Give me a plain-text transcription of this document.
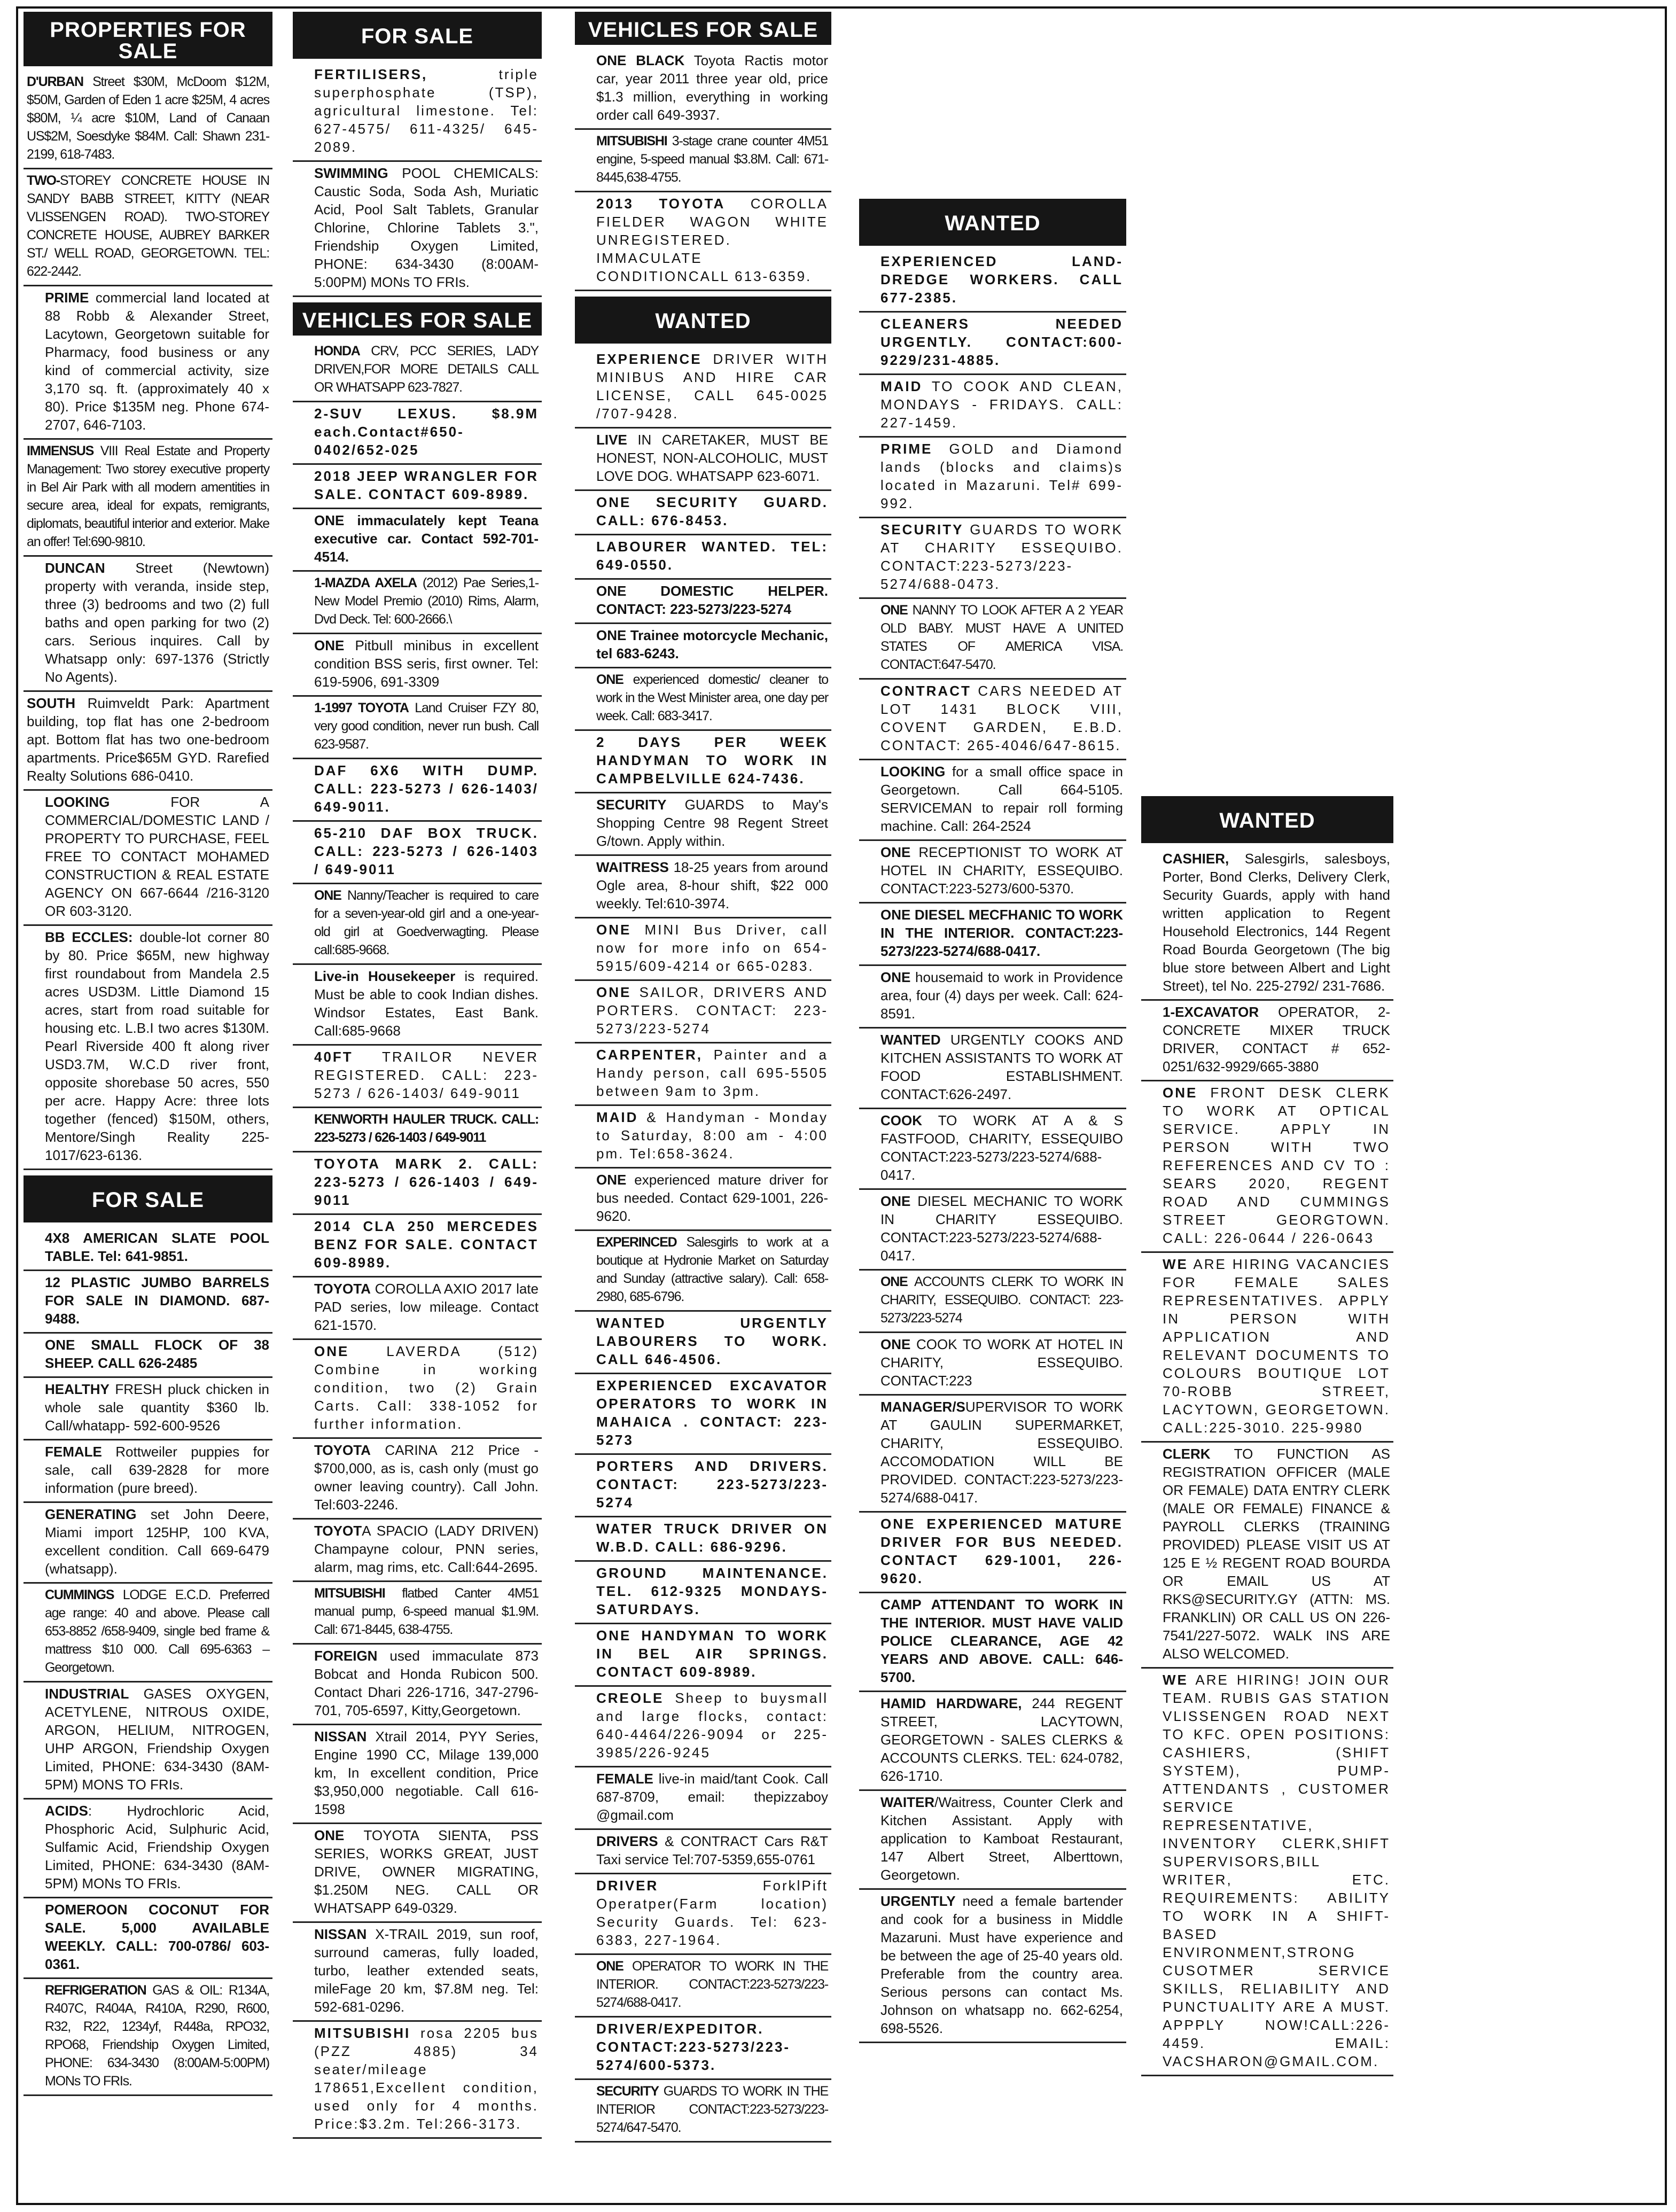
PROPERTIES FOR SALE
D'URBAN Street $30M, McDoom $12M, $50M, Garden of Eden 1 acre $25M, 4 acres $80M, ¼ acre $10M, Land of Canaan US$2M, Soesdyke $84M. Call: Shawn 231-2199, 618-7483.
TWO-STOREY CONCRETE HOUSE IN SANDY BABB STREET, KITTY (NEAR VLISSENGEN ROAD). TWO-STOREY CONCRETE HOUSE, AUBREY BARKER ST./ WELL ROAD, GEORGETOWN. TEL: 622-2442.
PRIME commercial land located at 88 Robb & Alexander Street, Lacytown, Georgetown suitable for Pharmacy, food business or any kind of commercial activity, size 3,170 sq. ft. (approximately 40 x 80). Price $135M neg. Phone 674-2707, 646-7103.
IMMENSUS VIII Real Estate and Property Management: Two storey executive property in Bel Air Park with all modern amentities in secure area, ideal for expats, remigrants, diplomats, beautiful interior and exterior. Make an offer! Tel:690-9810.
DUNCAN Street (Newtown) property with veranda, inside step, three (3) bedrooms and two (2) full baths and open parking for two (2) cars. Serious inquires. Call by Whatsapp only: 697-1376 (Strictly No Agents).
SOUTH Ruimveldt Park: Apartment building, top flat has one 2-bedroom apt. Bottom flat has two one-bedroom apartments. Price$65M GYD. Rarefied Realty Solutions 686-0410.
LOOKING FOR A COMMERCIAL/DOMESTIC LAND / PROPERTY TO PURCHASE, FEEL FREE TO CONTACT MOHAMED CONSTRUCTION & REAL ESTATE AGENCY ON 667-6644 /216-3120 OR 603-3120.
BB ECCLES: double-lot corner 80 by 80. Price $65M, new highway first roundabout from Mandela 2.5 acres USD3M. Little Diamond 15 acres, start from road suitable for housing etc. L.B.I two acres $130M. Pearl Riverside 400 ft along river USD3.7M, W.C.D river front, opposite shorebase 50 acres, 550 per acre. Happy Acre: three lots together (fenced) $150M, others, Mentore/Singh Reality 225-1017/623-6136.
FOR SALE
4X8 AMERICAN SLATE POOL TABLE. Tel: 641-9851.
12 PLASTIC JUMBO BARRELS FOR SALE IN DIAMOND. 687-9488.
ONE SMALL FLOCK OF 38 SHEEP. CALL 626-2485
HEALTHY FRESH pluck chicken in whole sale quantity $360 lb. Call/whatapp- 592-600-9526
FEMALE Rottweiler puppies for sale, call 639-2828 for more information (pure breed).
GENERATING set John Deere, Miami import 125HP, 100 KVA, excellent condition. Call 669-6479 (whatsapp).
CUMMINGS LODGE E.C.D. Preferred age range: 40 and above. Please call 653-8852 /658-9409, single bed frame & mattress $10 000. Call 695-6363 – Georgetown.
INDUSTRIAL GASES OXYGEN, ACETYLENE, NITROUS OXIDE, ARGON, HELIUM, NITROGEN, UHP ARGON, Friendship Oxygen Limited, PHONE: 634-3430 (8AM-5PM) MONS TO FRIs.
ACIDS: Hydrochloric Acid, Phosphoric Acid, Sulphuric Acid, Sulfamic Acid, Friendship Oxygen Limited, PHONE: 634-3430 (8AM-5PM) MONs TO FRIs.
POMEROON COCONUT FOR SALE. 5,000 AVAILABLE WEEKLY. CALL: 700-0786/ 603-0361.
REFRIGERATION GAS & OIL: R134A, R407C, R404A, R410A, R290, R600, R32, R22, 1234yf, R448a, RPO32, RPO68, Friendship Oxygen Limited, PHONE: 634-3430 (8:00AM-5:00PM) MONs TO FRIs.
FOR SALE
FERTILISERS, triple superphosphate (TSP), agricultural limestone. Tel: 627-4575/ 611-4325/ 645-2089.
SWIMMING POOL CHEMICALS: Caustic Soda, Soda Ash, Muriatic Acid, Pool Salt Tablets, Granular Chlorine, Chlorine Tablets 3.", Friendship Oxygen Limited, PHONE: 634-3430 (8:00AM-5:00PM) MONs TO FRIs.
VEHICLES FOR SALE
HONDA CRV, PCC SERIES, LADY DRIVEN,FOR MORE DETAILS CALL OR WHATSAPP 623-7827.
2-SUV LEXUS. $8.9M each.Contact#650-0402/652-025
2018 JEEP WRANGLER FOR SALE. CONTACT 609-8989.
ONE immaculately kept Teana executive car. Contact 592-701-4514.
1-MAZDA AXELA (2012) Pae Series,1- New Model Premio (2010) Rims, Alarm, Dvd Deck. Tel: 600-2666.\
ONE Pitbull minibus in excellent condition BSS seris, first owner. Tel: 619-5906, 691-3309
1-1997 TOYOTA Land Cruiser FZY 80, very good condition, never run bush. Call 623-9587.
DAF 6X6 WITH DUMP. CALL: 223-5273 / 626-1403/ 649-9011.
65-210 DAF BOX TRUCK. CALL: 223-5273 / 626-1403 / 649-9011
ONE Nanny/Teacher is required to care for a seven-year-old girl and a one-year-old girl at Goedverwagting. Please call:685-9668.
Live-in Housekeeper is required. Must be able to cook Indian dishes. Windsor Estates, East Bank. Call:685-9668
40FT TRAILOR NEVER REGISTERED. CALL: 223-5273 / 626-1403/ 649-9011
KENWORTH HAULER TRUCK. CALL: 223-5273 / 626-1403 / 649-9011
TOYOTA MARK 2. CALL: 223-5273 / 626-1403 / 649-9011
2014 CLA 250 MERCEDES BENZ FOR SALE. CONTACT 609-8989.
TOYOTA COROLLA AXIO 2017 late PAD series, low mileage. Contact 621-1570.
ONE LAVERDA (512) Combine in working condition, two (2) Grain Carts. Call: 338-1052 for further information.
TOYOTA CARINA 212 Price - $700,000, as is, cash only (must go owner leaving country). Call John. Tel:603-2246.
TOYOTA SPACIO (LADY DRIVEN) Champayne colour, PNN series, alarm, mag rims, etc. Call:644-2695.
MITSUBISHI flatbed Canter 4M51 manual pump, 6-speed manual $1.9M. Call: 671-8445, 638-4755.
FOREIGN used immaculate 873 Bobcat and Honda Rubicon 500. Contact Dhari 226-1716, 347-2796-701, 705-6597, Kitty,Georgetown.
NISSAN Xtrail 2014, PYY Series, Engine 1990 CC, Milage 139,000 km, In excellent condition, Price $3,950,000 negotiable. Call 616-1598
ONE TOYOTA SIENTA, PSS SERIES, WORKS GREAT, JUST DRIVE, OWNER MIGRATING, $1.250M NEG. CALL OR WHATSAPP 649-0329.
NISSAN X-TRAIL 2019, sun roof, surround cameras, fully loaded, turbo, leather extended seats, mileFage 20 km, $7.8M neg. Tel: 592-681-0296.
MITSUBISHI rosa 2205 bus (PZZ 4885) 34 seater/mileage 178651,Excellent condition, used only for 4 months. Price:$3.2m. Tel:266-3173.
VEHICLES FOR SALE
ONE BLACK Toyota Ractis motor car, year 2011 three year old, price $1.3 million, everything in working order call 649-3937.
MITSUBISHI 3-stage crane counter 4M51 engine, 5-speed manual $3.8M. Call: 671-8445,638-4755.
2013 TOYOTA COROLLA FIELDER WAGON WHITE UNREGISTERED. IMMACULATE CONDITIONCALL 613-6359.
WANTED
EXPERIENCE DRIVER WITH MINIBUS AND HIRE CAR LICENSE, CALL 645-0025 /707-9428.
LIVE IN CARETAKER, MUST BE HONEST, NON-ALCOHOLIC, MUST LOVE DOG. WHATSAPP 623-6071.
ONE SECURITY GUARD. CALL: 676-8453.
LABOURER WANTED. TEL: 649-0550.
ONE DOMESTIC HELPER. CONTACT: 223-5273/223-5274
ONE Trainee motorcycle Mechanic, tel 683-6243.
ONE experienced domestic/ cleaner to work in the West Minister area, one day per week. Call: 683-3417.
2 DAYS PER WEEK HANDYMAN TO WORK IN CAMPBELVILLE 624-7436.
SECURITY GUARDS to May's Shopping Centre 98 Regent Street G/town. Apply within.
WAITRESS 18-25 years from around Ogle area, 8-hour shift, $22 000 weekly. Tel:610-3974.
ONE MINI Bus Driver, call now for more info on 654-5915/609-4214 or 665-0283.
ONE SAILOR, DRIVERS AND PORTERS. CONTACT: 223-5273/223-5274
CARPENTER, Painter and a Handy person, call 695-5505 between 9am to 3pm.
MAID & Handyman - Monday to Saturday, 8:00 am - 4:00 pm. Tel:658-3624.
ONE experienced mature driver for bus needed. Contact 629-1001, 226-9620.
EXPERINCED Salesgirls to work at a boutique at Hydronie Market on Saturday and Sunday (attractive salary). Call: 658-2980, 685-6796.
WANTED URGENTLY LABOURERS TO WORK. CALL 646-4506.
EXPERIENCED EXCAVATOR OPERATORS TO WORK IN MAHAICA . CONTACT: 223-5273
PORTERS AND DRIVERS. CONTACT: 223-5273/223-5274
WATER TRUCK DRIVER ON W.B.D. CALL: 686-9296.
GROUND MAINTENANCE. TEL. 612-9325 MONDAYS-SATURDAYS.
ONE HANDYMAN TO WORK IN BEL AIR SPRINGS. CONTACT 609-8989.
CREOLE Sheep to buysmall and large flocks, contact: 640-4464/226-9094 or 225-3985/226-9245
FEMALE live-in maid/tant Cook. Call 687-8709, email: thepizzaboy @gmail.com
DRIVERS & CONTRACT Cars R&T Taxi service Tel:707-5359,655-0761
DRIVER ForklPift Operatper(Farm location) Security Guards. Tel: 623-6383, 227-1964.
ONE OPERATOR TO WORK IN THE INTERIOR. CONTACT:223-5273/223-5274/688-0417.
DRIVER/EXPEDITOR. CONTACT:223-5273/223-5274/600-5373.
SECURITY GUARDS TO WORK IN THE INTERIOR CONTACT:223-5273/223-5274/647-5470.
WANTED
EXPERIENCED LAND-DREDGE WORKERS. CALL 677-2385.
CLEANERS NEEDED URGENTLY. CONTACT:600-9229/231-4885.
MAID TO COOK AND CLEAN, MONDAYS - FRIDAYS. CALL: 227-1459.
PRIME GOLD and Diamond lands (blocks and claims)s located in Mazaruni. Tel# 699-992.
SECURITY GUARDS TO WORK AT CHARITY ESSEQUIBO. CONTACT:223-5273/223-5274/688-0473.
ONE NANNY TO LOOK AFTER A 2 YEAR OLD BABY. MUST HAVE A UNITED STATES OF AMERICA VISA. CONTACT:647-5470.
CONTRACT CARS NEEDED AT LOT 1431 BLOCK VIII, COVENT GARDEN, E.B.D. CONTACT: 265-4046/647-8615.
LOOKING for a small office space in Georgetown. Call 664-5105. SERVICEMAN to repair roll forming machine. Call: 264-2524
ONE RECEPTIONIST TO WORK AT HOTEL IN CHARITY, ESSEQUIBO. CONTACT:223-5273/600-5370.
ONE DIESEL MECFHANIC TO WORK IN THE INTERIOR. CONTACT:223-5273/223-5274/688-0417.
ONE housemaid to work in Providence area, four (4) days per week. Call: 624-8591.
WANTED URGENTLY COOKS AND KITCHEN ASSISTANTS TO WORK AT FOOD ESTABLISHMENT. CONTACT:626-2497.
COOK TO WORK AT A & S FASTFOOD, CHARITY, ESSEQUIBO CONTACT:223-5273/223-5274/688-0417.
ONE DIESEL MECHANIC TO WORK IN CHARITY ESSEQUIBO. CONTACT:223-5273/223-5274/688-0417.
ONE ACCOUNTS CLERK TO WORK IN CHARITY, ESSEQUIBO. CONTACT: 223-5273/223-5274
ONE COOK TO WORK AT HOTEL IN CHARITY, ESSEQUIBO. CONTACT:223
MANAGER/SUPERVISOR TO WORK AT GAULIN SUPERMARKET, CHARITY, ESSEQUIBO. ACCOMODATION WILL BE PROVIDED. CONTACT:223-5273/223-5274/688-0417.
ONE EXPERIENCED MATURE DRIVER FOR BUS NEEDED. CONTACT 629-1001, 226-9620.
CAMP ATTENDANT TO WORK IN THE INTERIOR. MUST HAVE VALID POLICE CLEARANCE, AGE 42 YEARS AND ABOVE. CALL: 646-5700.
HAMID HARDWARE, 244 REGENT STREET, LACYTOWN, GEORGETOWN - SALES CLERKS & ACCOUNTS CLERKS. TEL: 624-0782, 626-1710.
WAITER/Waitress, Counter Clerk and Kitchen Assistant. Apply with application to Kamboat Restaurant, 147 Albert Street, Alberttown, Georgetown.
URGENTLY need a female bartender and cook for a business in Middle Mazaruni. Must have experience and be between the age of 25-40 years old. Preferable from the country area. Serious persons can contact Ms. Johnson on whatsapp no. 662-6254, 698-5526.
WANTED
CASHIER, Salesgirls, salesboys, Porter, Bond Clerks, Delivery Clerk, Security Guards, apply with hand written application to Regent Household Electronics, 144 Regent Road Bourda Georgetown (The big blue store between Albert and Light Street), tel No. 225-2792/ 231-7686.
1-EXCAVATOR OPERATOR, 2- CONCRETE MIXER TRUCK DRIVER, CONTACT # 652-0251/632-9929/665-3880
ONE FRONT DESK CLERK TO WORK AT OPTICAL SERVICE. APPLY IN PERSON WITH TWO REFERENCES AND CV TO : SEARS 2020, REGENT ROAD AND CUMMINGS STREET GEORGTOWN. CALL: 226-0644 / 226-0643
WE ARE HIRING VACANCIES FOR FEMALE SALES REPRESENTATIVES. APPLY IN PERSON WITH APPLICATION AND RELEVANT DOCUMENTS TO COLOURS BOUTIQUE LOT 70-ROBB STREET, LACYTOWN, GEORGETOWN. CALL:225-3010. 225-9980
CLERK TO FUNCTION AS REGISTRATION OFFICER (MALE OR FEMALE) DATA ENTRY CLERK (MALE OR FEMALE) FINANCE & PAYROLL CLERKS (TRAINING PROVIDED) PLEASE VISIT US AT 125 E ½ REGENT ROAD BOURDA OR EMAIL US AT RKS@SECURITY.GY (ATTN: MS. FRANKLIN) OR CALL US ON 226-7541/227-5072. WALK INS ARE ALSO WELCOMED.
WE ARE HIRING! JOIN OUR TEAM. RUBIS GAS STATION VLISSENGEN ROAD NEXT TO KFC. OPEN POSITIONS: CASHIERS, (SHIFT SYSTEM), PUMP-ATTENDANTS , CUSTOMER SERVICE REPRESENTATIVE, INVENTORY CLERK,SHIFT SUPERVISORS,BILL WRITER, ETC. REQUIREMENTS: ABILITY TO WORK IN A SHIFT-BASED ENVIRONMENT,STRONG CUSOTMER SERVICE SKILLS, RELIABILITY AND PUNCTUALITY ARE A MUST. APPPLY NOW!CALL:226-4459. EMAIL: VACSHARON@GMAIL.COM.
